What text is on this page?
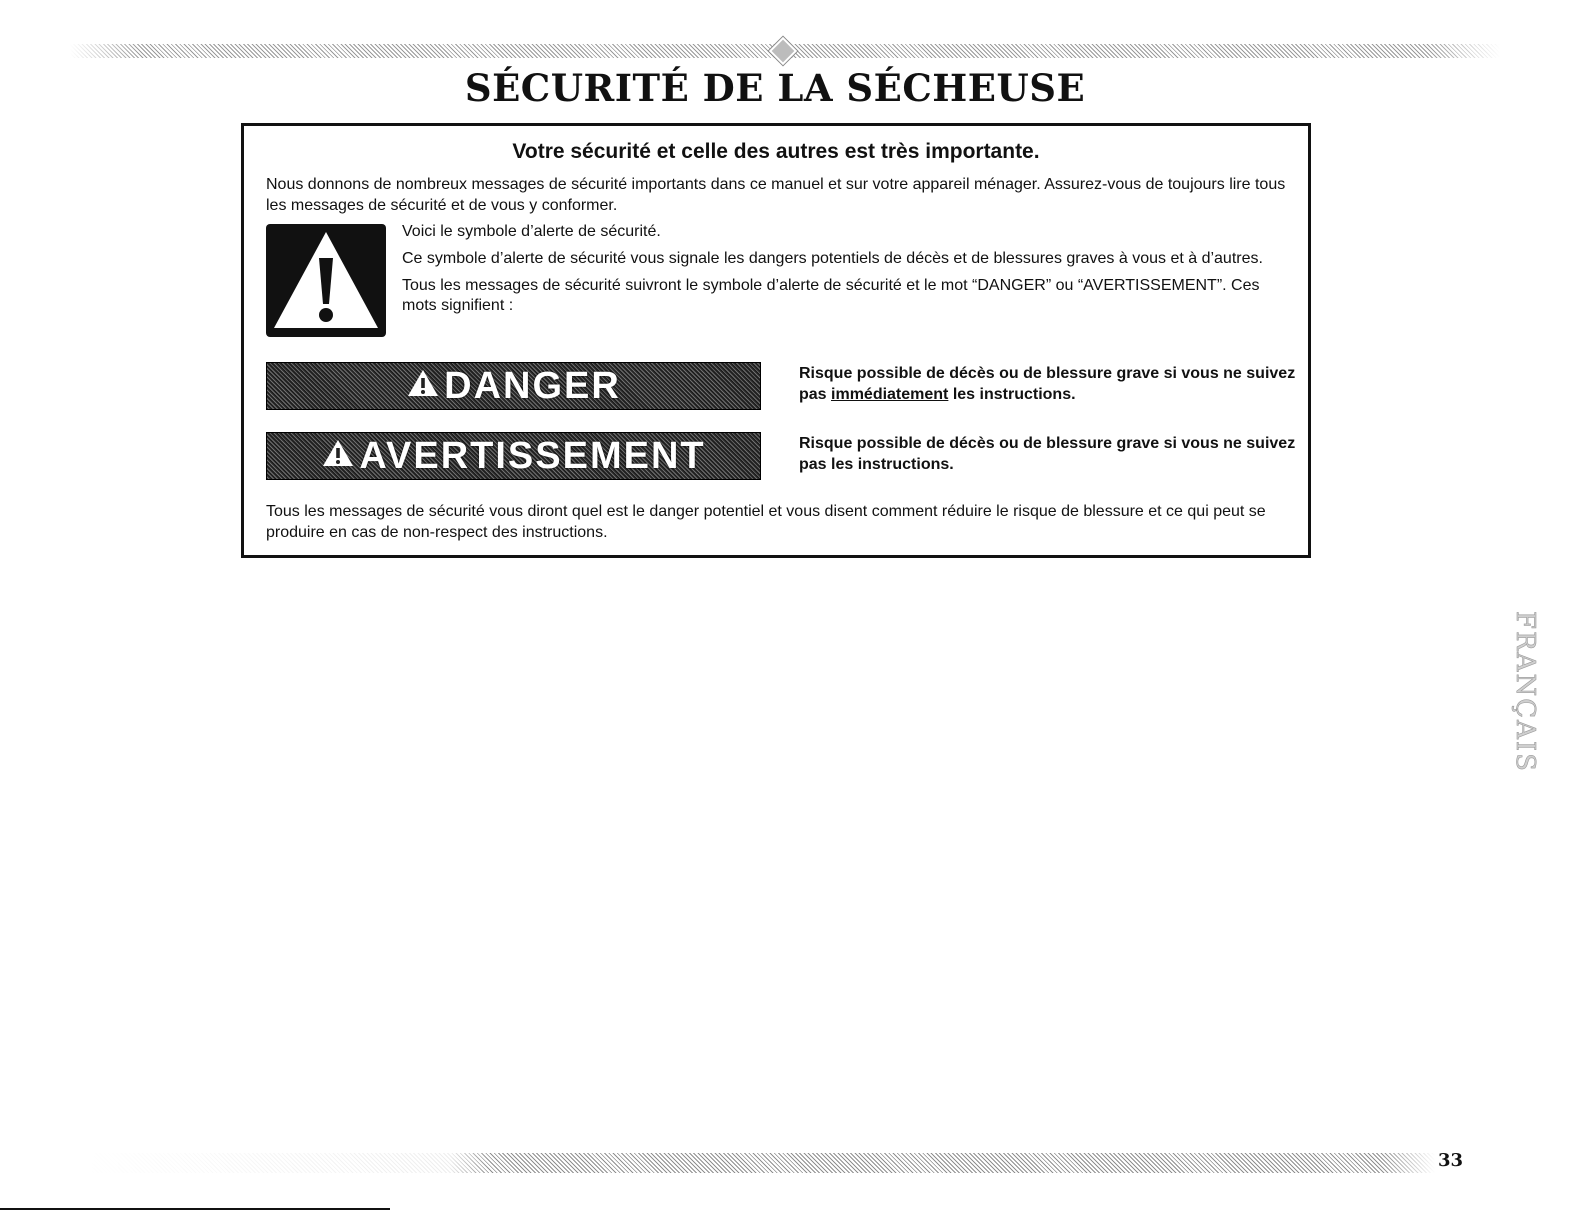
SÉCURITÉ DE LA SÉCHEUSE
Votre sécurité et celle des autres est très importante.

Nous donnons de nombreux messages de sécurité importants dans ce manuel et sur votre appareil ménager. Assurez-vous de toujours lire tous les messages de sécurité et de vous y conformer.

Voici le symbole d’alerte de sécurité.

Ce symbole d’alerte de sécurité vous signale les dangers potentiels de décès et de blessures graves à vous et à d’autres.

Tous les messages de sécurité suivront le symbole d’alerte de sécurité et le mot “DANGER” ou “AVERTISSEMENT”. Ces mots signifient :

DANGER	Risque possible de décès ou de blessure grave si vous ne suivez pas immédiatement les instructions.
AVERTISSEMENT	Risque possible de décès ou de blessure grave si vous ne suivez pas les instructions.

Tous les messages de sécurité vous diront quel est le danger potentiel et vous disent comment réduire le risque de blessure et ce qui peut se produire en cas de non-respect des instructions.

FRANÇAIS
33
